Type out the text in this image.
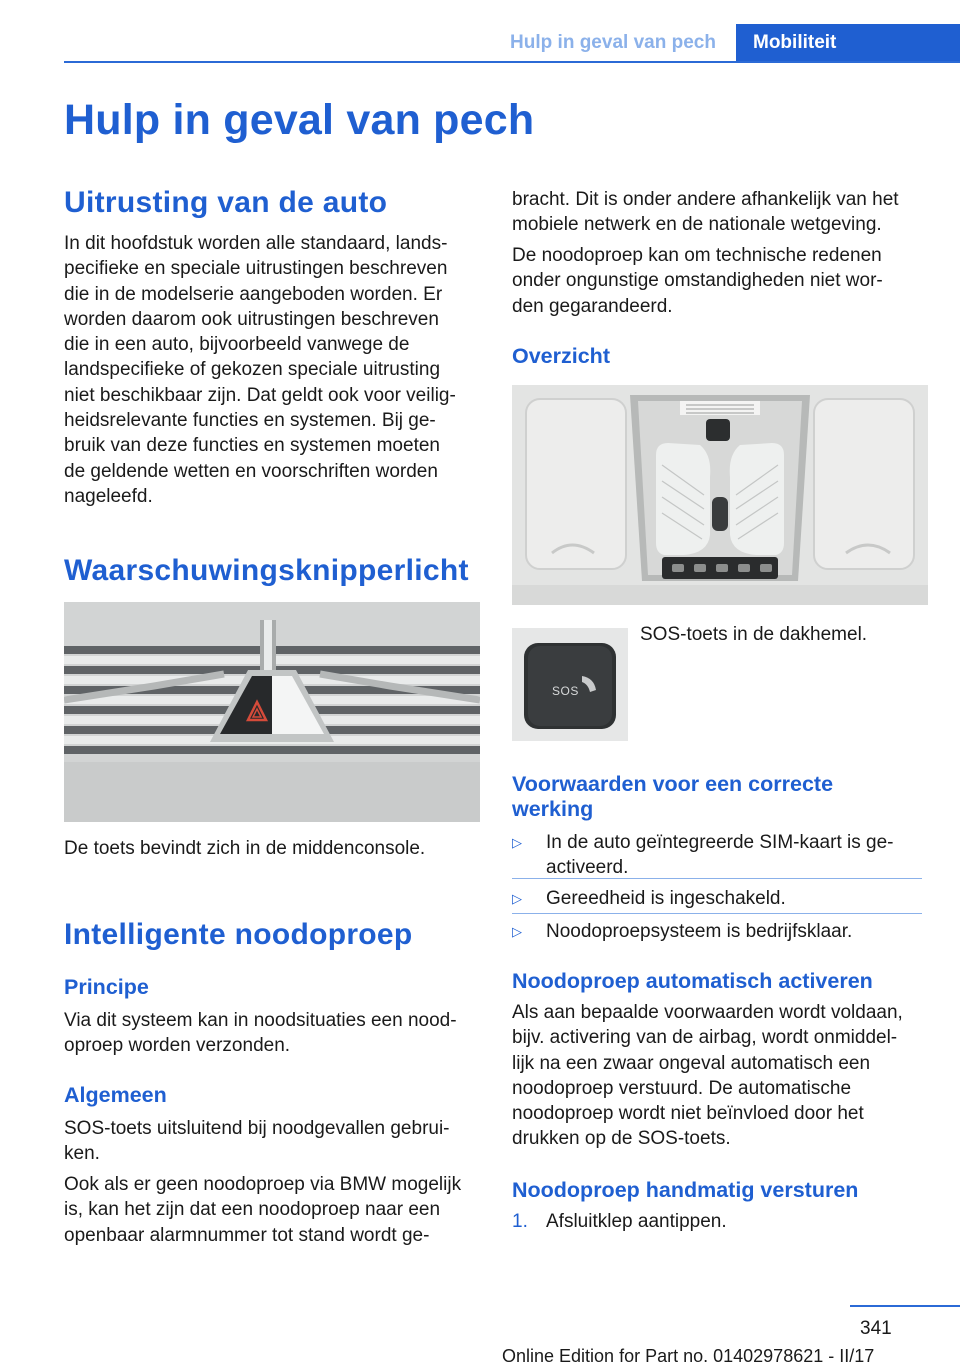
Hulp in geval van pech	Mobiliteit
Hulp in geval van pech
Uitrusting van de auto
In dit hoofdstuk worden alle standaard, lands‐
pecifieke en speciale uitrustingen beschreven
die in de modelserie aangeboden worden. Er
worden daarom ook uitrustingen beschreven
die in een auto, bijvoorbeeld vanwege de
landspecifieke of gekozen speciale uitrusting
niet beschikbaar zijn. Dat geldt ook voor veilig‐
heidsrelevante functies en systemen. Bij ge‐
bruik van deze functies en systemen moeten
de geldende wetten en voorschriften worden
nageleefd.
Waarschuwingsknipperlicht
De toets bevindt zich in de middenconsole.
Intelligente noodoproep
Principe
Via dit systeem kan in noodsituaties een nood‐
oproep worden verzonden.
Algemeen
SOS-toets uitsluitend bij noodgevallen gebrui‐
ken.
Ook als er geen noodoproep via BMW mogelijk
is, kan het zijn dat een noodoproep naar een
openbaar alarmnummer tot stand wordt ge‐
bracht. Dit is onder andere afhankelijk van het
mobiele netwerk en de nationale wetgeving.
De noodoproep kan om technische redenen
onder ongunstige omstandigheden niet wor‐
den gegarandeerd.
Overzicht
SOS
SOS-toets in de dakhemel.
Voorwaarden voor een correcte werking
▷ In de auto geïntegreerde SIM-kaart is ge‐
activeerd.
▷ Gereedheid is ingeschakeld.
▷ Noodoproepsysteem is bedrijfsklaar.
Noodoproep automatisch activeren
Als aan bepaalde voorwaarden wordt voldaan,
bijv. activering van de airbag, wordt onmiddel‐
lijk na een zwaar ongeval automatisch een
noodoproep verstuurd. De automatische
noodoproep wordt niet beïnvloed door het
drukken op de SOS-toets.
Noodoproep handmatig versturen
1. Afsluitklep aantippen.
341
Online Edition for Part no. 01402978621 - II/17
